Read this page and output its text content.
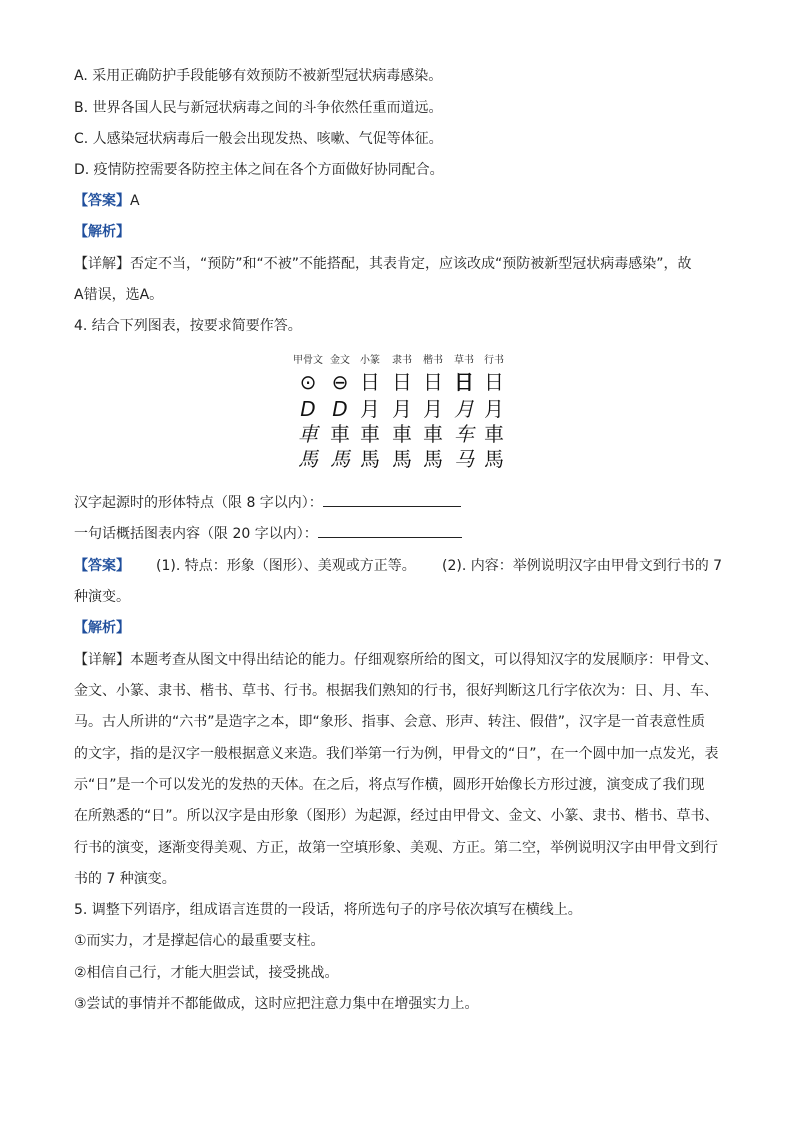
A. 采用正确防护手段能够有效预防不被新型冠状病毒感染。
B. 世界各国人民与新冠状病毒之间的斗争依然任重而道远。
C. 人感染冠状病毒后一般会出现发热、咳嗽、气促等体征。
D. 疫情防控需要各防控主体之间在各个方面做好协同配合。
【答案】A
【解析】
【详解】否定不当，“预防”和“不被”不能搭配，其表肯定，应该改成“预防被新型冠状病毒感染”，故
A错误，选A。
4. 结合下列图表，按要求简要作答。
甲骨文 金文	小篆	隶书	楷书	草书	行书
⊙ ⊖ 日 日 日 日 日
D D 月 月 月 月 月
車 車 車 車 車 车 車
馬 馬 馬 馬 馬 马 馬
汉字起源时的形体特点（限 8 字以内）：
一句话概括图表内容（限 20 字以内）：
【答案】 (1). 特点：形象（图形）、美观或方正等。 (2). 内容：举例说明汉字由甲骨文到行书的 7
种演变。
【解析】
【详解】本题考查从图文中得出结论的能力。仔细观察所给的图文，可以得知汉字的发展顺序：甲骨文、
金文、小篆、隶书、楷书、草书、行书。根据我们熟知的行书，很好判断这几行字依次为：日、月、车、
马。古人所讲的“六书”是造字之本，即“象形、指事、会意、形声、转注、假借”，汉字是一首表意性质
的文字，指的是汉字一般根据意义来造。我们举第一行为例，甲骨文的“日”，在一个圆中加一点发光，表
示“日”是一个可以发光的发热的天体。在之后，将点写作横，圆形开始像长方形过渡，演变成了我们现
在所熟悉的“日”。所以汉字是由形象（图形）为起源，经过由甲骨文、金文、小篆、隶书、楷书、草书、
行书的演变，逐渐变得美观、方正，故第一空填形象、美观、方正。第二空，举例说明汉字由甲骨文到行
书的 7 种演变。
5. 调整下列语序，组成语言连贯的一段话，将所选句子的序号依次填写在横线上。
①而实力，才是撑起信心的最重要支柱。
②相信自己行，才能大胆尝试，接受挑战。
③尝试的事情并不都能做成，这时应把注意力集中在增强实力上。
